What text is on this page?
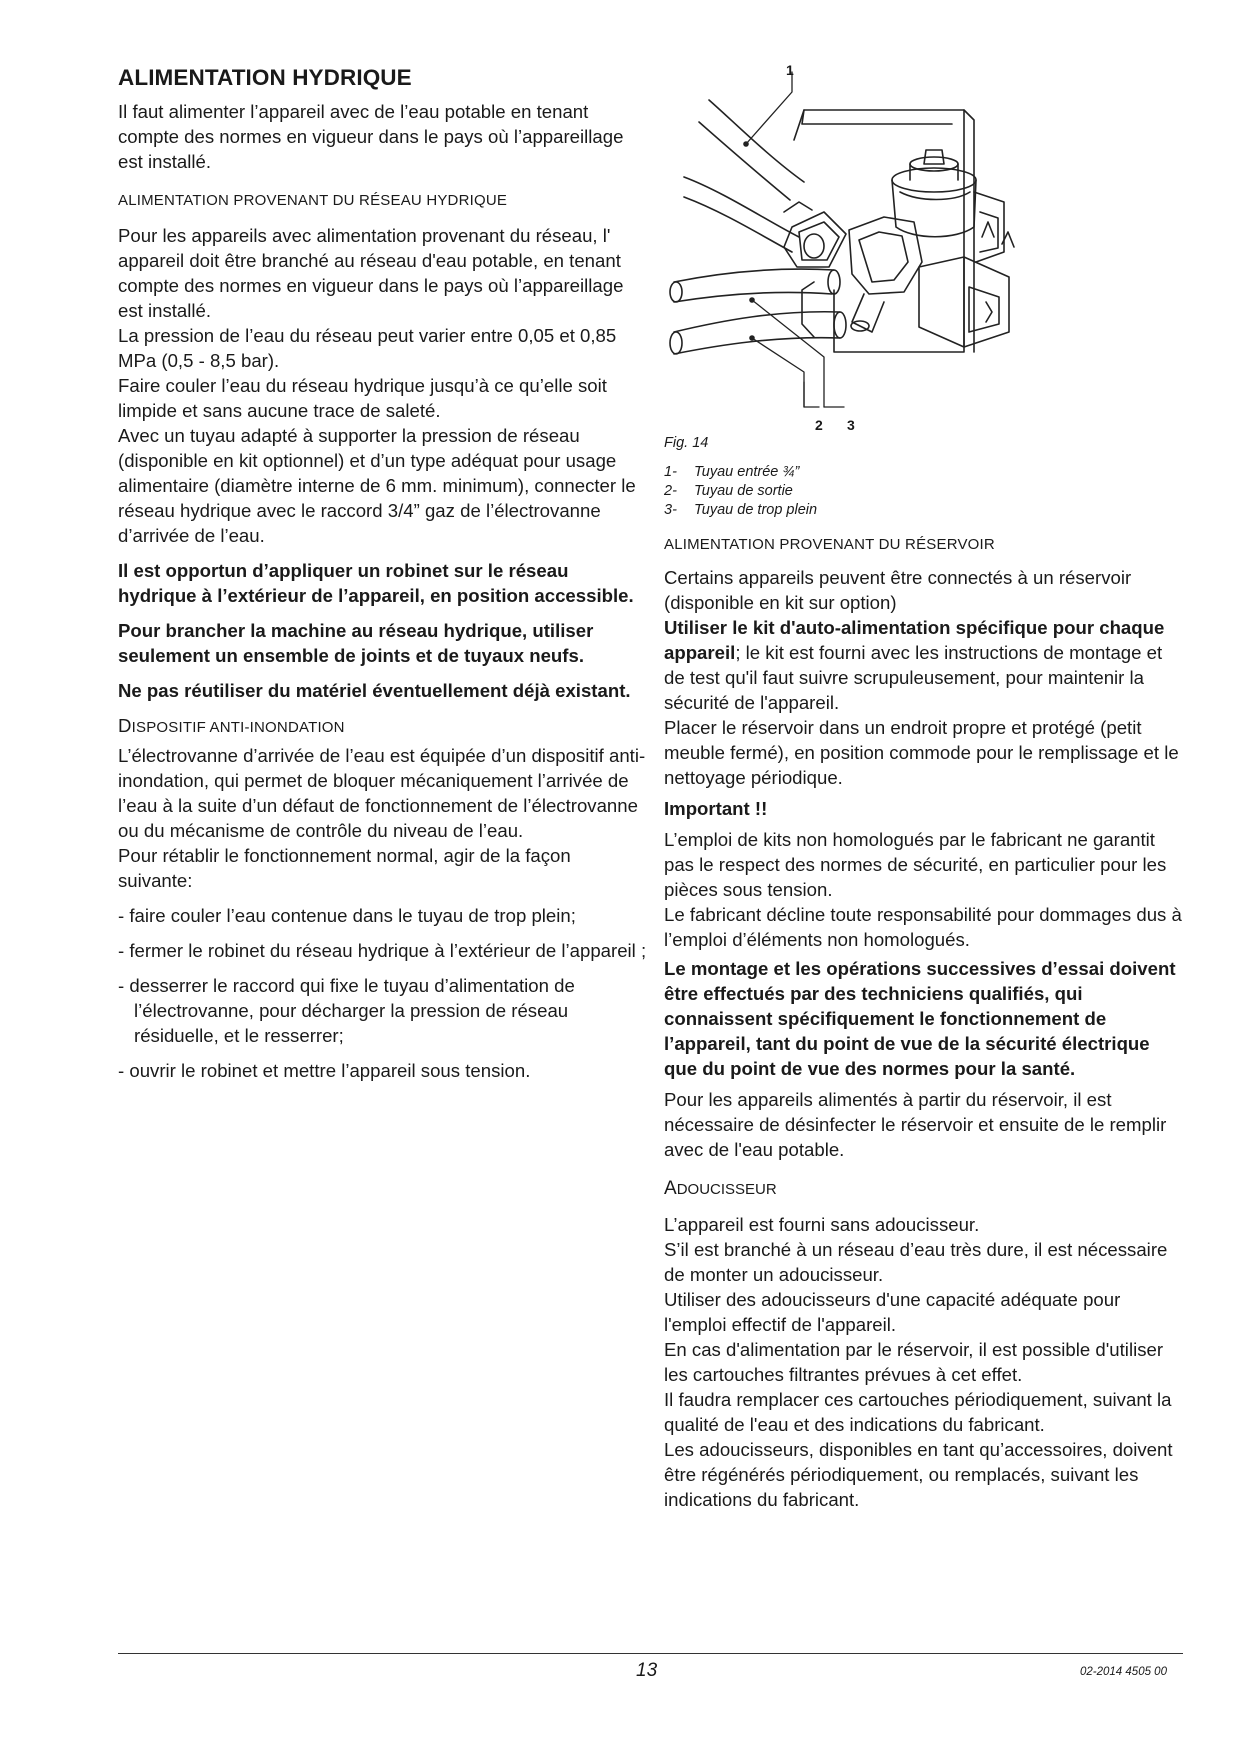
ALIMENTATION HYDRIQUE

Il faut alimenter l’appareil avec de l’eau potable en tenant compte des normes en vigueur dans le pays où l’appareillage est installé.

ALIMENTATION PROVENANT DU RÉSEAU HYDRIQUE

Pour les appareils avec alimentation provenant du réseau, l' appareil doit être branché au réseau d'eau potable, en tenant compte des normes en vigueur dans le pays où l’appareillage est installé.

La pression de l’eau du réseau peut varier entre 0,05 et 0,85 MPa (0,5 - 8,5 bar).

Faire couler l’eau du réseau hydrique jusqu’à ce qu’elle soit limpide et sans aucune trace de saleté.

Avec un tuyau adapté à supporter la pression de réseau (disponible en kit optionnel) et d’un type adéquat pour usage alimentaire (diamètre interne de 6 mm. minimum), connecter le réseau hydrique avec le raccord 3/4” gaz de l’électrovanne d’arrivée de l’eau.

Il est opportun d’appliquer un robinet sur le réseau hydrique à l’extérieur de l’appareil, en position accessible.

Pour brancher la machine au réseau hydrique, utiliser seulement un ensemble de joints et de tuyaux neufs.

Ne pas réutiliser du matériel éventuellement déjà existant.

DISPOSITIF ANTI-INONDATION

L’électrovanne d’arrivée de l’eau est équipée d’un dispositif anti-inondation, qui permet de bloquer mécaniquement l’arrivée de l’eau à la suite d’un défaut de fonctionnement de l’électrovanne ou du mécanisme de contrôle du niveau de l’eau.

Pour rétablir le fonctionnement normal, agir de la façon suivante:

- faire couler l’eau contenue dans le tuyau de trop plein;

- fermer le robinet du réseau hydrique à l’extérieur de l’appareil ;

- desserrer le raccord qui fixe le tuyau d’alimentation de l’électrovanne, pour décharger la pression de réseau résiduelle, et le resserrer;

- ouvrir le robinet et mettre l’appareil sous tension.

1
2 3
Fig. 14
1- Tuyau entrée ¾”
2- Tuyau de sortie
3- Tuyau de trop plein
ALIMENTATION PROVENANT DU RÉSERVOIR

Certains appareils peuvent être connectés à un réservoir (disponible en kit sur option)

Utiliser le kit d'auto-alimentation spécifique pour chaque appareil; le kit est fourni avec les instructions de montage et de test qu'il faut suivre scrupuleusement, pour maintenir la sécurité de l'appareil.

Placer le réservoir dans un endroit propre et protégé (petit meuble fermé), en position commode pour le remplissage et le nettoyage périodique.

Important !!

L’emploi de kits non homologués par le fabricant ne garantit pas le respect des normes de sécurité, en particulier pour les pièces sous tension.

Le fabricant décline toute responsabilité pour dommages dus à l’emploi d’éléments non homologués.

Le montage et les opérations successives d’essai doivent être effectués par des techniciens qualifiés, qui connaissent spécifiquement le fonctionnement de l’appareil, tant du point de vue de la sécurité électrique que du point de vue des normes pour la santé.

Pour les appareils alimentés à partir du réservoir, il est nécessaire de désinfecter le réservoir et ensuite de le remplir avec de l'eau potable.

ADOUCISSEUR

L’appareil est fourni sans adoucisseur.

S’il est branché à un réseau d’eau très dure, il est nécessaire de monter un adoucisseur.

Utiliser des adoucisseurs d'une capacité adéquate pour l'emploi effectif de l'appareil.

En cas d'alimentation par le réservoir, il est possible d'utiliser les cartouches filtrantes prévues à cet effet.

Il faudra remplacer ces cartouches périodiquement, suivant la qualité de l'eau et des indications du fabricant.

Les adoucisseurs, disponibles en tant qu’accessoires, doivent être régénérés périodiquement, ou remplacés, suivant les indications du fabricant.

13	02-2014 4505 00
